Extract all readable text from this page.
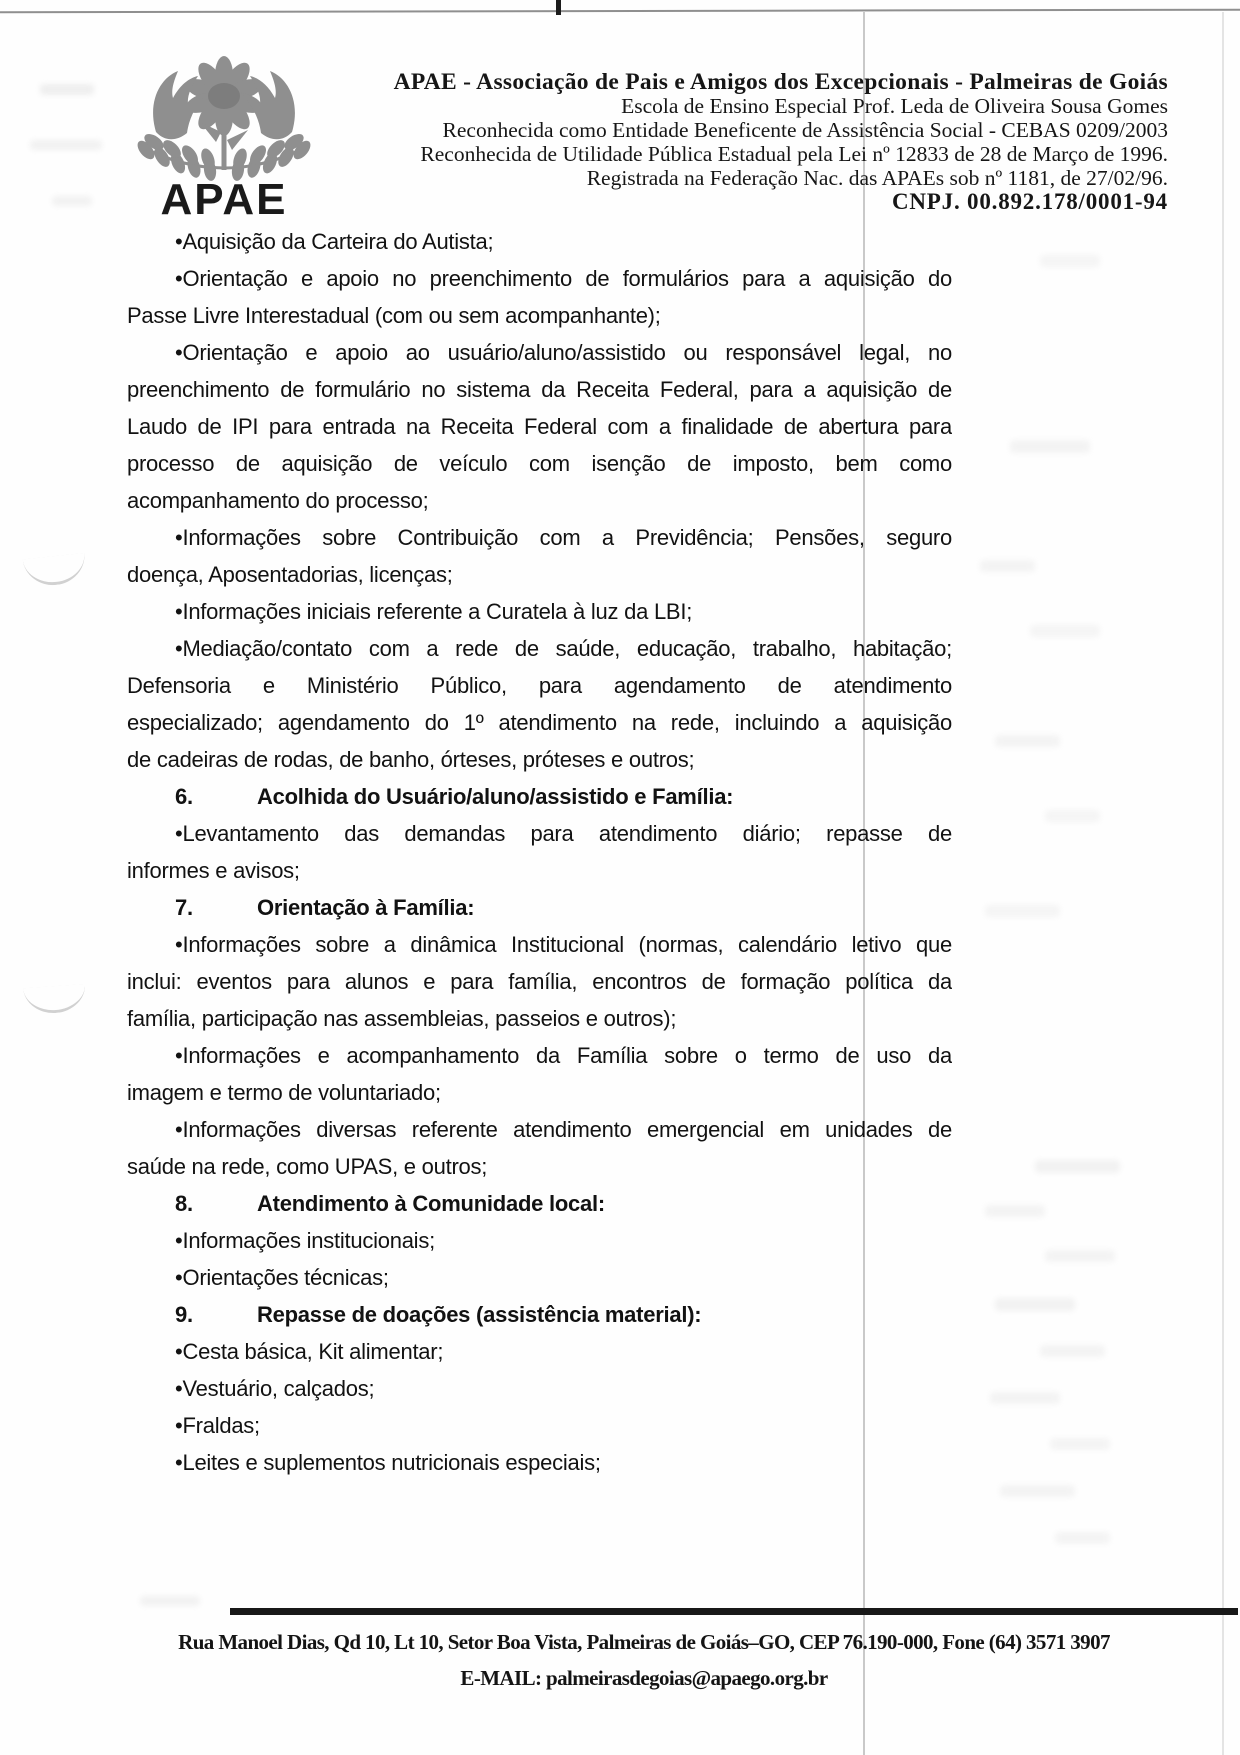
APAE
APAE - Associação de Pais e Amigos dos Excepcionais - Palmeiras de Goiás
Escola de Ensino Especial Prof. Leda de Oliveira Sousa Gomes
Reconhecida como Entidade Beneficente de Assistência Social - CEBAS 0209/2003
Reconhecida de Utilidade Pública Estadual pela Lei nº 12833 de 28 de Março de 1996.
Registrada na Federação Nac. das APAEs sob nº 1181, de 27/02/96.
CNPJ. 00.892.178/0001-94
•Aquisição da Carteira do Autista;
•Orientação e apoio no preenchimento de formulários para a aquisição do
Passe Livre Interestadual (com ou sem acompanhante);
•Orientação e apoio ao usuário/aluno/assistido ou responsável legal, no
preenchimento de formulário no sistema da Receita Federal, para a aquisição de
Laudo de IPI para entrada na Receita Federal com a finalidade de abertura para
processo de aquisição de veículo com isenção de imposto, bem como
acompanhamento do processo;
•Informações sobre Contribuição com a Previdência; Pensões, seguro
doença, Aposentadorias, licenças;
•Informações iniciais referente a Curatela à luz da LBI;
•Mediação/contato com a rede de saúde, educação, trabalho, habitação;
Defensoria e Ministério Público, para agendamento de atendimento
especializado; agendamento do 1º atendimento na rede, incluindo a aquisição
de cadeiras de rodas, de banho, órteses, próteses e outros;
6.	Acolhida do Usuário/aluno/assistido e Família:
•Levantamento das demandas para atendimento diário; repasse de
informes e avisos;
7.	Orientação à Família:
•Informações sobre a dinâmica Institucional (normas, calendário letivo que
inclui: eventos para alunos e para família, encontros de formação política da
família, participação nas assembleias, passeios e outros);
•Informações e acompanhamento da Família sobre o termo de uso da
imagem e termo de voluntariado;
•Informações diversas referente atendimento emergencial em unidades de
saúde na rede, como UPAS, e outros;
8.	Atendimento à Comunidade local:
•Informações institucionais;
•Orientações técnicas;
9.	Repasse de doações (assistência material):
•Cesta básica, Kit alimentar;
•Vestuário, calçados;
•Fraldas;
•Leites e suplementos nutricionais especiais;
Rua Manoel Dias, Qd 10, Lt 10, Setor Boa Vista, Palmeiras de Goiás–GO, CEP 76.190-000, Fone (64) 3571 3907
E-MAIL: palmeirasdegoias@apaego.org.br
